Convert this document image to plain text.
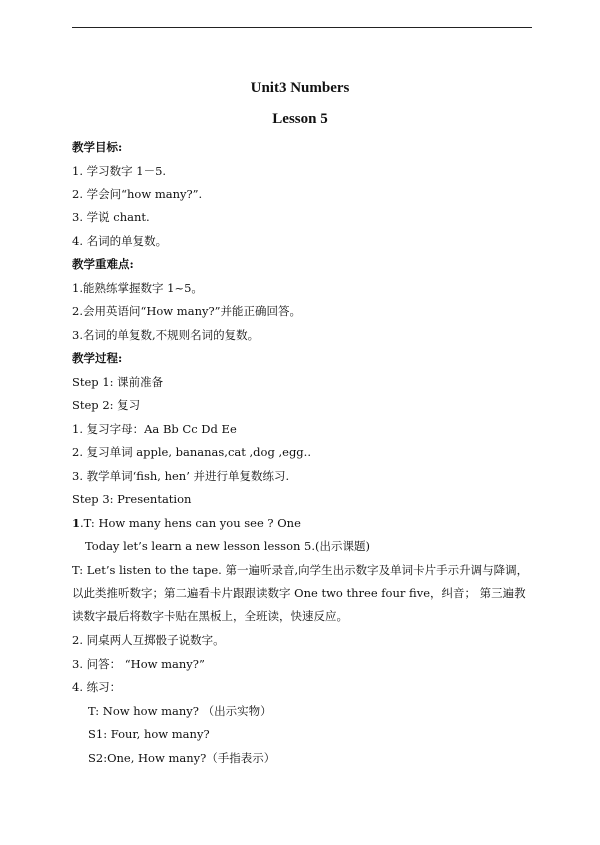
Unit3 Numbers
Lesson 5
教学目标:
1. 学习数字 1－5.
2. 学会问“how many?”.
3. 学说 chant.
4. 名词的单复数。
教学重难点:
1.能熟练掌握数字 1~5。
2.会用英语问“How many?”并能正确回答。
3.名词的单复数,不规则名词的复数。
教学过程:
Step 1: 课前准备
Step 2: 复习
1. 复习字母：Aa Bb Cc Dd Ee
2. 复习单词 apple, bananas,cat ,dog ,egg..
3. 教学单词‘fish, hen’ 并进行单复数练习.
Step 3: Presentation
1.T: How many hens can you see ? One
Today let’s learn a new lesson lesson 5.(出示课题)
T: Let’s listen to the tape. 第一遍听录音,向学生出示数字及单词卡片手示升调与降调，以此类推听数字；第二遍看卡片跟跟读数字 One two three four five，纠音； 第三遍教读数字最后将数字卡贴在黑板上，全班读，快速反应。
2. 同桌两人互掷骰子说数字。
3. 问答： “How many?”
4. 练习：
T: Now how many? （出示实物）
S1: Four, how many?
S2:One, How many?（手指表示）
